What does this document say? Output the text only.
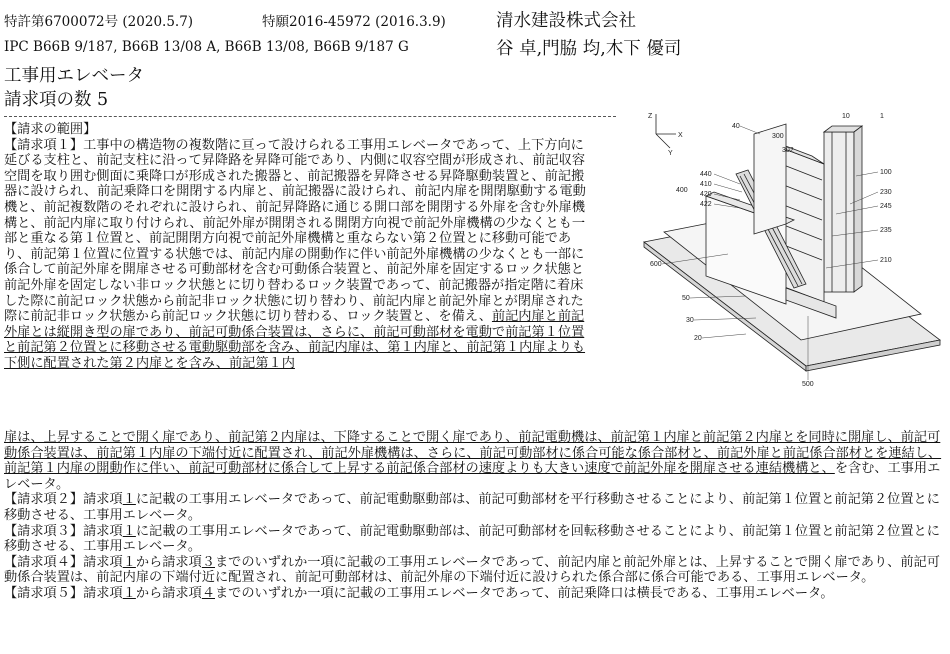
特許第6700072号 (2020.5.7)	特願2016-45972 (2016.3.9)	清水建設株式会社
IPC B66B 9/187, B66B 13/08 A, B66B 13/08, B66B 9/187 G	谷 卓,門脇 均,木下 優司
工事用エレベータ
請求項の数 5

【請求の範囲】

【請求項１】工事中の構造物の複数階に亘って設けられる工事用エレベータであって、上下方向に延びる支柱と、前記支柱に沿って昇降路を昇降可能であり、内側に収容空間が形成され、前記収容空間を取り囲む側面に乗降口が形成された搬器と、前記搬器を昇降させる昇降駆動装置と、前記搬器に設けられ、前記乗降口を開閉する内扉と、前記搬器に設けられ、前記内扉を開閉駆動する電動機と、前記複数階のそれぞれに設けられ、前記昇降路に通じる開口部を開閉する外扉を含む外扉機構と、前記内扉に取り付けられ、前記外扉が開閉される開閉方向視で前記外扉機構の少なくとも一部と重なる第１位置と、前記開閉方向視で前記外扉機構と重ならない第２位置とに移動可能であり、前記第１位置に位置する状態では、前記内扉の開動作に伴い前記外扉機構の少なくとも一部に係合して前記外扉を開扉させる可動部材を含む可動係合装置と、前記外扉を固定するロック状態と前記外扉を固定しない非ロック状態とに切り替わるロック装置であって、前記搬器が指定階に着床した際に前記ロック状態から前記非ロック状態に切り替わり、前記内扉と前記外扉とが閉扉された際に前記非ロック状態から前記ロック状態に切り替わる、ロック装置と、を備え、前記内扉と前記外扉とは縦開き型の扉であり、前記可動係合装置は、さらに、前記可動部材を電動で前記第１位置と前記第２位置とに移動させる電動駆動部を含み、前記内扉は、第１内扉と、前記第１内扉よりも下側に配置された第２内扉とを含み、前記第１内

Z
Y
X
10	1
40
300
302
440
410
420
422
400
100
230
245
235
210
600
50
30
20
500

扉は、上昇することで開く扉であり、前記第２内扉は、下降することで開く扉であり、前記電動機は、前記第１内扉と前記第２内扉とを同時に開扉し、前記可動係合装置は、前記第１内扉の下端付近に配置され、前記外扉機構は、さらに、前記可動部材に係合可能な係合部材と、前記外扉と前記係合部材とを連結し、前記第１内扉の開動作に伴い、前記可動部材に係合して上昇する前記係合部材の速度よりも大きい速度で前記外扉を開扉させる連結機構と、を含む、工事用エレベータ。

【請求項２】請求項１に記載の工事用エレベータであって、前記電動駆動部は、前記可動部材を平行移動させることにより、前記第１位置と前記第２位置とに移動させる、工事用エレベータ。

【請求項３】請求項１に記載の工事用エレベータであって、前記電動駆動部は、前記可動部材を回転移動させることにより、前記第１位置と前記第２位置とに移動させる、工事用エレベータ。

【請求項４】請求項１から請求項３までのいずれか一項に記載の工事用エレベータであって、前記内扉と前記外扉とは、上昇することで開く扉であり、前記可動係合装置は、前記内扉の下端付近に配置され、前記可動部材は、前記外扉の下端付近に設けられた係合部に係合可能である、工事用エレベータ。

【請求項５】請求項１から請求項４までのいずれか一項に記載の工事用エレベータであって、前記乗降口は横長である、工事用エレベータ。
